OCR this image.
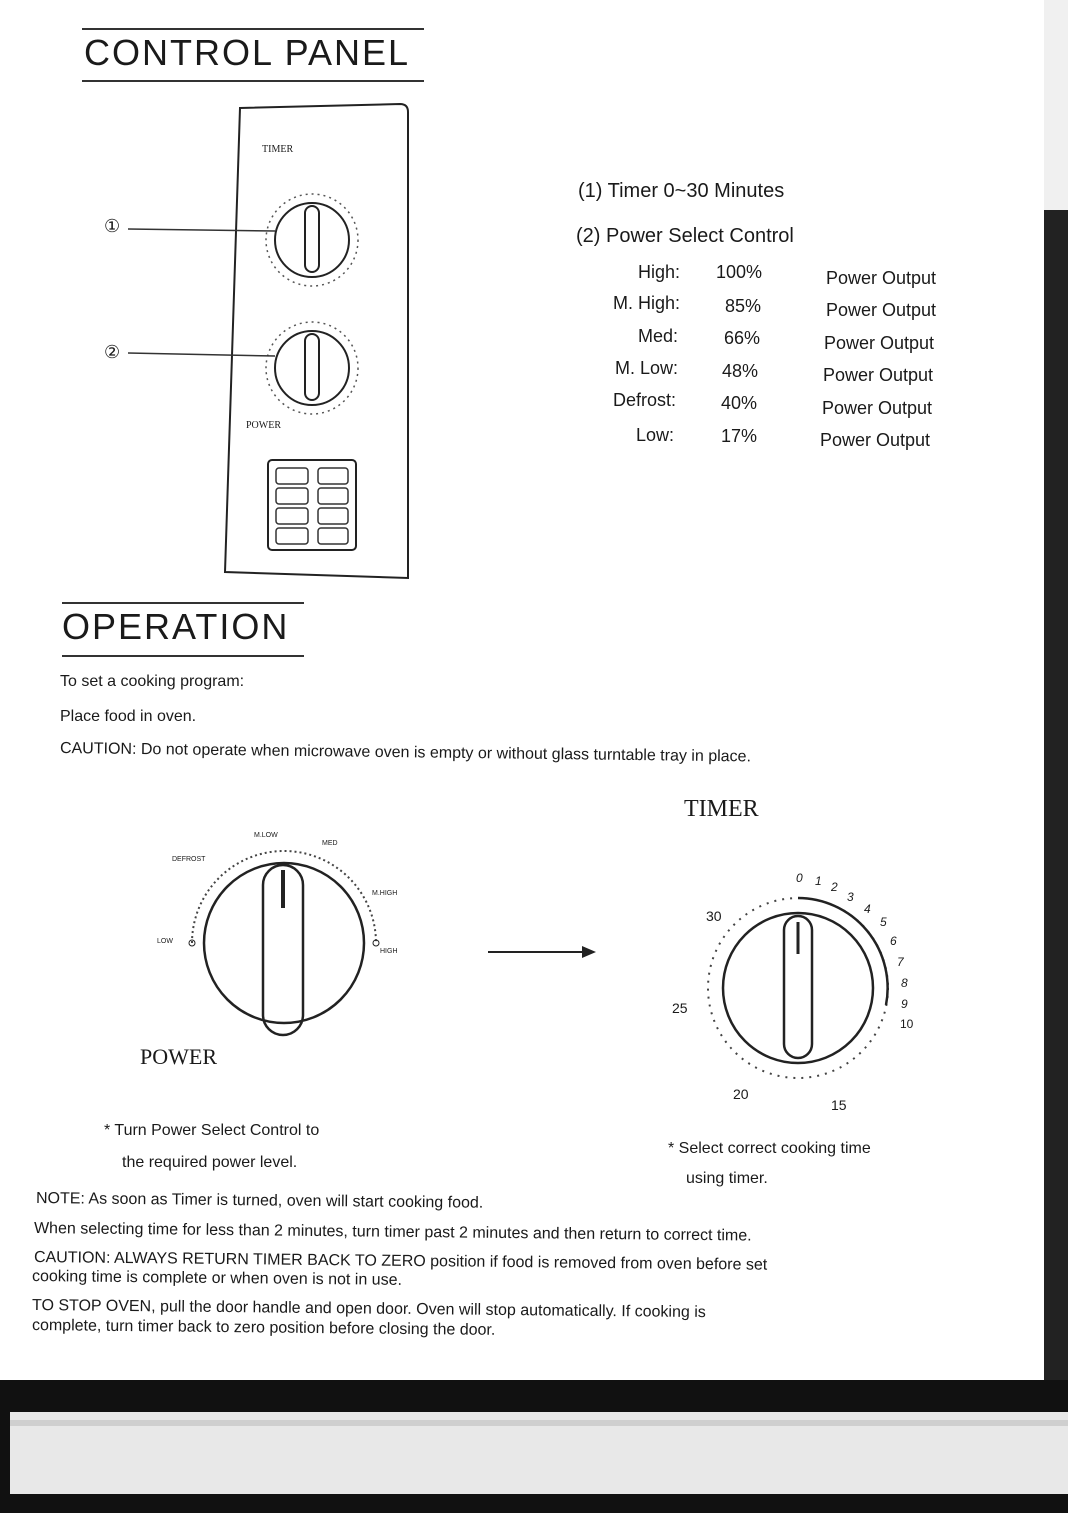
CONTROL PANEL
①
②
TIMER
POWER
(1) Timer 0~30 Minutes
(2) Power Select Control
High: 100%	Power Output
M. High:	85%	Power Output
Med:	66%	Power Output
M. Low: 48%	Power Output
Defrost:	40%	Power Output
Low:	17%	Power Output
OPERATION
To set a cooking program:
Place food in oven.
CAUTION: Do not operate when microwave oven is empty or without glass turntable tray in place.
LOW
DEFROST
M.LOW
MED
M.HIGH
HIGH
POWER
TIMER
0 1 2
3
4
5
6
7
8
9
10
15
20
25
30
* Turn Power Select Control to
the required power level.
* Select correct cooking time
using timer.
NOTE: As soon as Timer is turned, oven will start cooking food.
When selecting time for less than 2 minutes, turn timer past 2 minutes and then return to correct time.
CAUTION: ALWAYS RETURN TIMER BACK TO ZERO position if food is removed from oven before set
cooking time is complete or when oven is not in use.
TO STOP OVEN, pull the door handle and open door. Oven will stop automatically. If cooking is
complete, turn timer back to zero position before closing the door.
